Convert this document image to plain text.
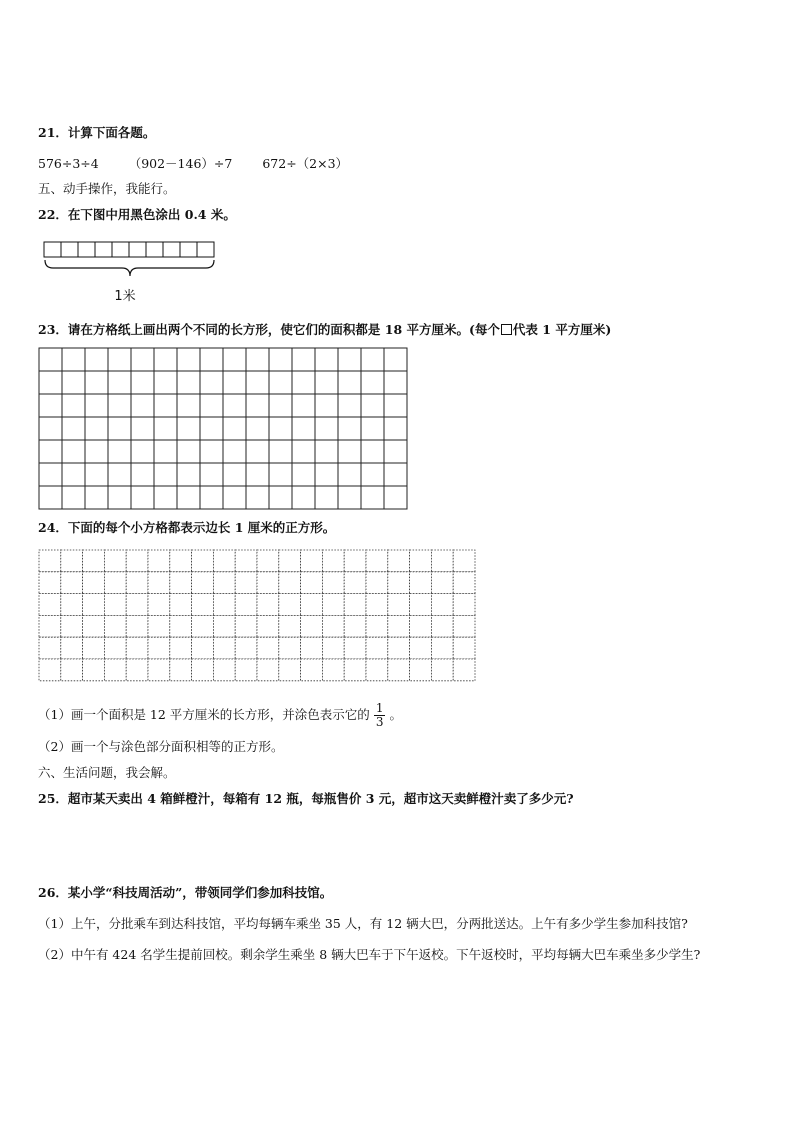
21．计算下面各题。
576÷3÷4 （902－146）÷7 672÷（2×3）
五、动手操作，我能行。
22．在下图中用黑色涂出 0.4 米。
1米
23．请在方格纸上画出两个不同的长方形，使它们的面积都是 18 平方厘米。(每个 代表 1 平方厘米)
24．下面的每个小方格都表示边长 1 厘米的正方形。
（1）画一个面积是 12 平方厘米的长方形，并涂色表示它的 $\frac{1}{3}$ 。
（2）画一个与涂色部分面积相等的正方形。
六、生活问题，我会解。
25．超市某天卖出 4 箱鲜橙汁，每箱有 12 瓶，每瓶售价 3 元，超市这天卖鲜橙汁卖了多少元?
26．某小学“科技周活动”，带领同学们参加科技馆。
（1）上午，分批乘车到达科技馆，平均每辆车乘坐 35 人，有 12 辆大巴，分两批送达。上午有多少学生参加科技馆?
（2）中午有 424 名学生提前回校。剩余学生乘坐 8 辆大巴车于下午返校。下午返校时，平均每辆大巴车乘坐多少学生?
